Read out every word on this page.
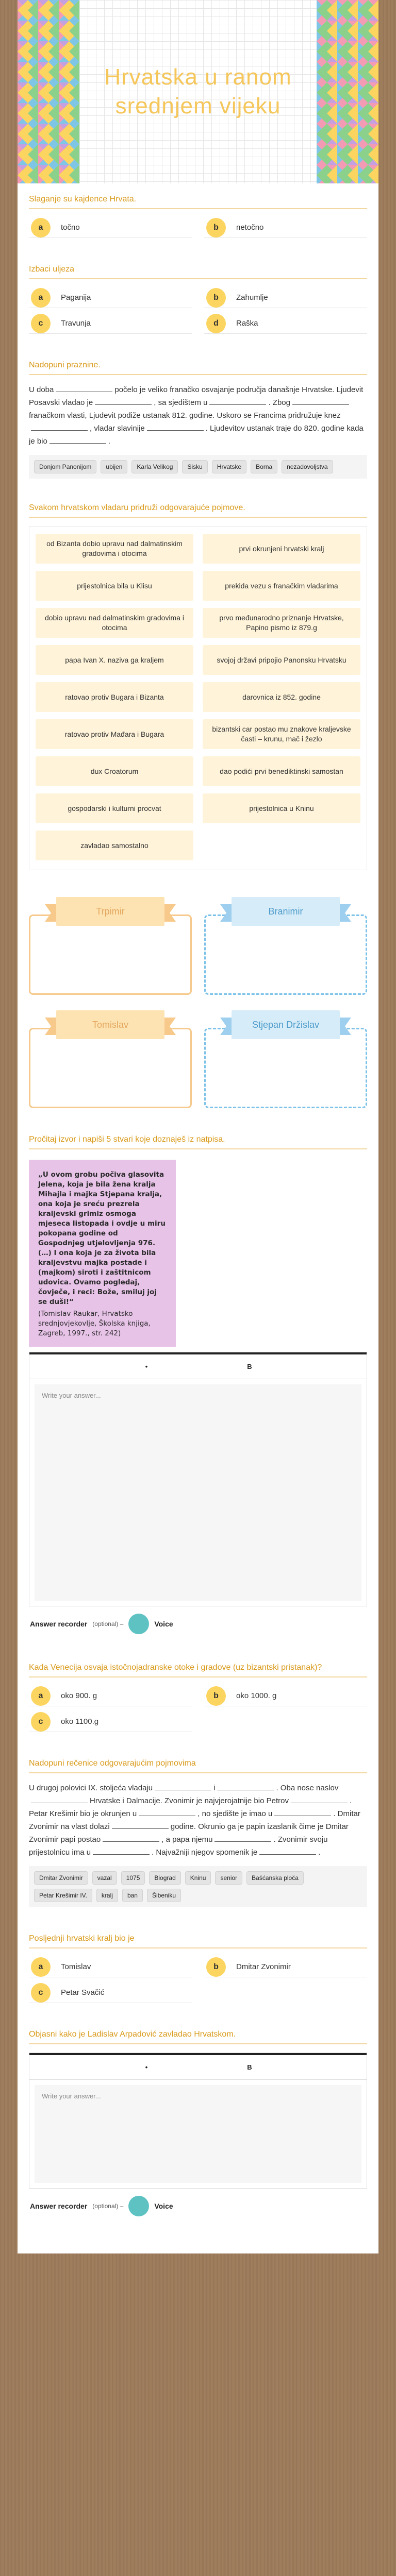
Hrvatska u ranom srednjem vijeku
Slaganje su kajdence Hrvata.
a	točno	b	netočno
Izbaci uljeza
a	Paganija	b	Zahumlje
c	Travunja	d	Raška
Nadopuni praznine.

U doba	počelo je veliko franačko osvajanje područja današnje Hrvatske. Ljudevit Posavski vladao je	, sa sjedištem u	. Zbogfranačkom vlasti, Ljudevit podiže ustanak 812. godine. Uskoro se Francima pridružuje knez, vladar slavinije	. Ljudevitov ustanak traje do 820. godine kada je bio	.

Donjom Panonijom	ubijen	Karla Velikog	Sisku	Hrvatske	Borna	nezadovoljstva
Svakom hrvatskom vladaru pridruži odgovarajuće pojmove.
od Bizanta dobio upravu nad dalmatinskim gradovima i otocima
prvi okrunjeni hrvatski kralj
prijestolnica bila u Klisu	prekida vezu s franačkim vladarima
dobio upravu nad dalmatinskim gradovima i otocima
prvo međunarodno priznanje Hrvatske, Papino pismo iz 879.g
papa Ivan X. naziva ga kraljem	svojoj državi pripojio Panonsku Hrvatsku
ratovao protiv Bugara i Bizanta	darovnica iz 852. godine
ratovao protiv Mađara i Bugara
bizantski car postao mu znakove kraljevske časti – krunu, mač i žezlo
dux Croatorum	dao podići prvi benediktinski samostan
gospodarski i kulturni procvat	prijestolnica u Kninu
zavladao samostalno
Trpimir	Branimir
Tomislav	Stjepan Držislav
Pročitaj izvor i napiši 5 stvari koje doznaješ iz natpisa.
„U ovom grobu počiva glasovita Jelena, koja je bila žena kralja Mihajla i majka Stjepana kralja, ona koja je sreću prezrela kraljevski grimiz osmoga mjeseca listopada i ovdje u miru pokopana godine od Gospodnjeg utjelovljenja 976. (…) I ona koja je za života bila kraljevstvu majka postade i (majkom) siroti i zaštitnicom udovica. Ovamo pogledaj, čovječe, i reci: Bože, smiluj joj se duši!“
(Tomislav Raukar, Hrvatsko srednjovjekovlje, Školska knjiga, Zagreb, 1997., str. 242)
•	B
Write your answer...
Answer recorder (optional) –	Voice
Kada Venecija osvaja istočnojadranske otoke i gradove (uz bizantski pristanak)?
a	oko 900. g	b	oko 1000. g
c	oko 1100.g
Nadopuni rečenice odgovarajućim pojmovima

U drugoj polovici IX. stoljeća vladaju	i	. Oba nose naslovHrvatske i Dalmacije. Zvonimir je najvjerojatnije bio Petrov	. Petar Krešimir bio je okrunjen u	, no sjedište je imao u	. Dmitar Zvonimir na vlast dolazi	godine. Okrunio ga je papin izaslanik čime je Dmitar Zvonimir papi postao	, a papa njemu	. Zvonimir svoju prijestolnicu ima u	. Najvažniji njegov spomenik je	.

Dmitar Zvonimir	vazal	1075	Biograd	Kninu	senior	Bašćanska ploča
Petar Krešimir IV.	kralj	ban	Šibeniku
Posljednji hrvatski kralj bio je
a	Tomislav	b	Dmitar Zvonimir
c	Petar Svačić
Objasni kako je Ladislav Arpadović zavladao Hrvatskom.
•	B
Write your answer...
Answer recorder (optional) –	Voice
